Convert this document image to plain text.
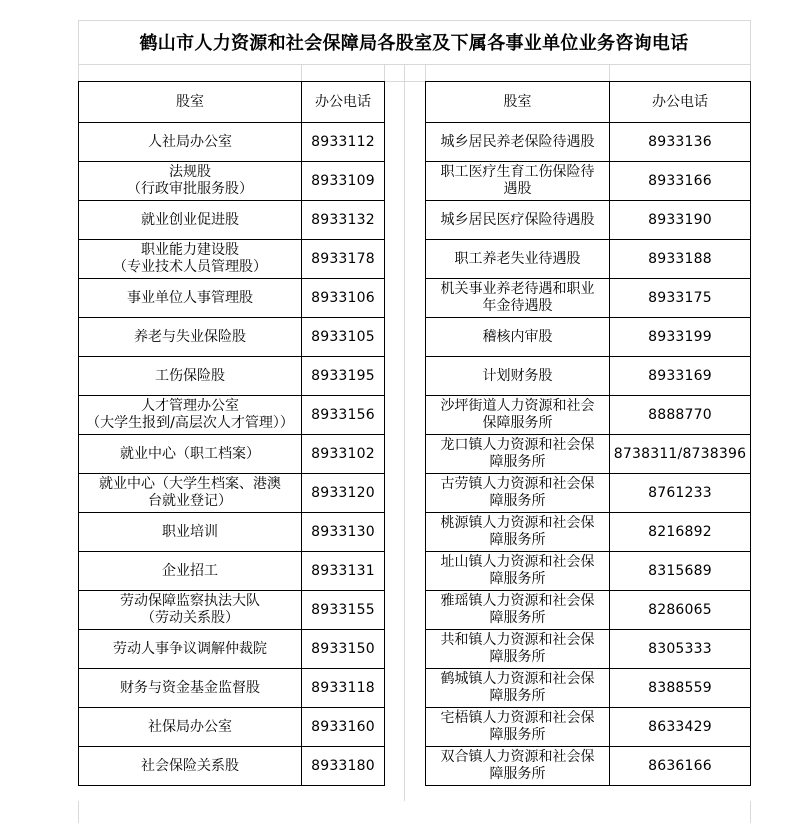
鹤山市人力资源和社会保障局各股室及下属各事业单位业务咨询电话
股室	办公电话

人社局办公室	8933112

法规股
（行政审批服务股）	8933109

就业创业促进股	8933132

职业能力建设股
（专业技术人员管理股）	8933178

事业单位人事管理股	8933106

养老与失业保险股	8933105

工伤保险股	8933195

人才管理办公室
（大学生报到/高层次人才管理））	8933156

就业中心（职工档案）	8933102

就业中心（大学生档案、港澳
台就业登记）	8933120

职业培训	8933130

企业招工	8933131

劳动保障监察执法大队
（劳动关系股）	8933155

劳动人事争议调解仲裁院	8933150

财务与资金基金监督股	8933118

社保局办公室	8933160

社会保险关系股	8933180
股室	办公电话

城乡居民养老保险待遇股	8933136

职工医疗生育工伤保险待
遇股	8933166

城乡居民医疗保险待遇股	8933190

职工养老失业待遇股	8933188

机关事业养老待遇和职业
年金待遇股	8933175

稽核内审股	8933199

计划财务股	8933169

沙坪街道人力资源和社会
保障服务所	8888770

龙口镇人力资源和社会保
障服务所	8738311/8738396

古劳镇人力资源和社会保
障服务所	8761233

桃源镇人力资源和社会保
障服务所	8216892

址山镇人力资源和社会保
障服务所	8315689

雅瑶镇人力资源和社会保
障服务所	8286065

共和镇人力资源和社会保
障服务所	8305333

鹤城镇人力资源和社会保
障服务所	8388559

宅梧镇人力资源和社会保
障服务所	8633429

双合镇人力资源和社会保
障服务所	8636166
